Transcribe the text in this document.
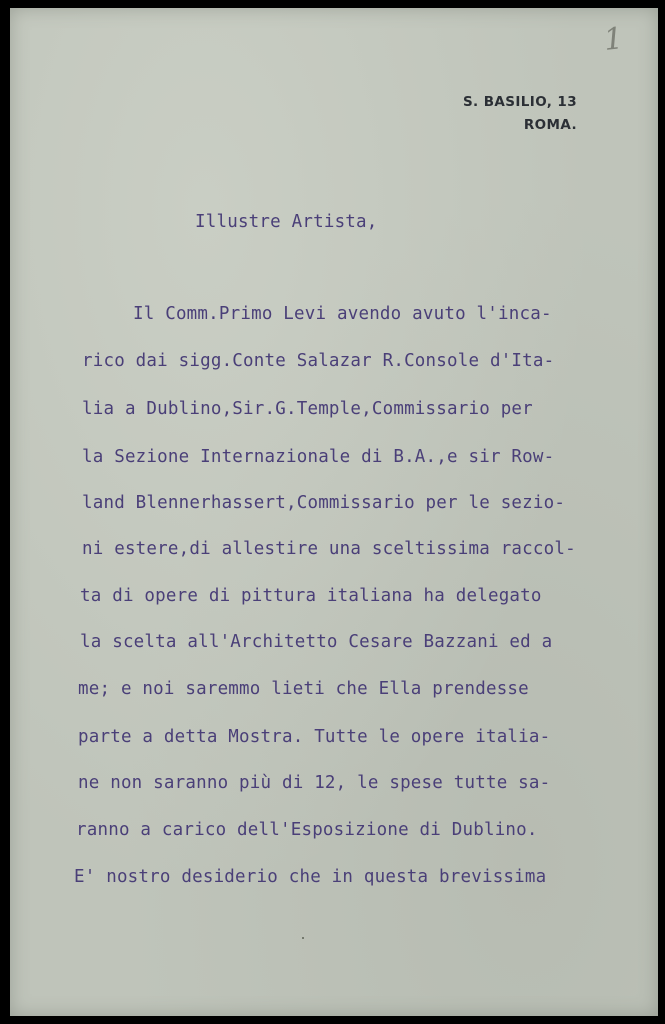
1
S. BASILIO, 13
ROMA.
Illustre Artista,
Il Comm.Primo Levi avendo avuto l'inca-
rico dai sigg.Conte Salazar R.Console d'Ita-
lia a Dublino,Sir.G.Temple,Commissario per
la Sezione Internazionale di B.A.,e sir Row-
land Blennerhassert,Commissario per le sezio-
ni estere,di allestire una sceltissima raccol-
ta di opere di pittura italiana ha delegato
la scelta all'Architetto Cesare Bazzani ed a
me; e noi saremmo lieti che Ella prendesse
parte a detta Mostra. Tutte le opere italia-
ne non saranno più di 12, le spese tutte sa-
ranno a carico dell'Esposizione di Dublino.
E' nostro desiderio che in questa brevissima
